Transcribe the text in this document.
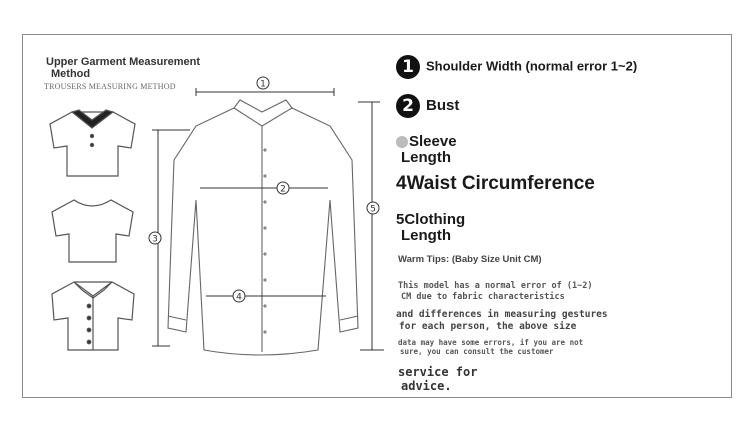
Upper Garment Measurement
Method
TROUSERS MEASURING METHOD	1
2
3
4
5
1 Shoulder Width (normal error 1~2)
2 Bust
Sleeve
Length
4Waist Circumference
5Clothing
Length
Warm Tips: (Baby Size Unit CM)
This model has a normal error of (1~2)
CM due to fabric characteristics
and differences in measuring gestures
for each person, the above size
data may have some errors, if you are not
sure, you can consult the customer
service for
advice.
